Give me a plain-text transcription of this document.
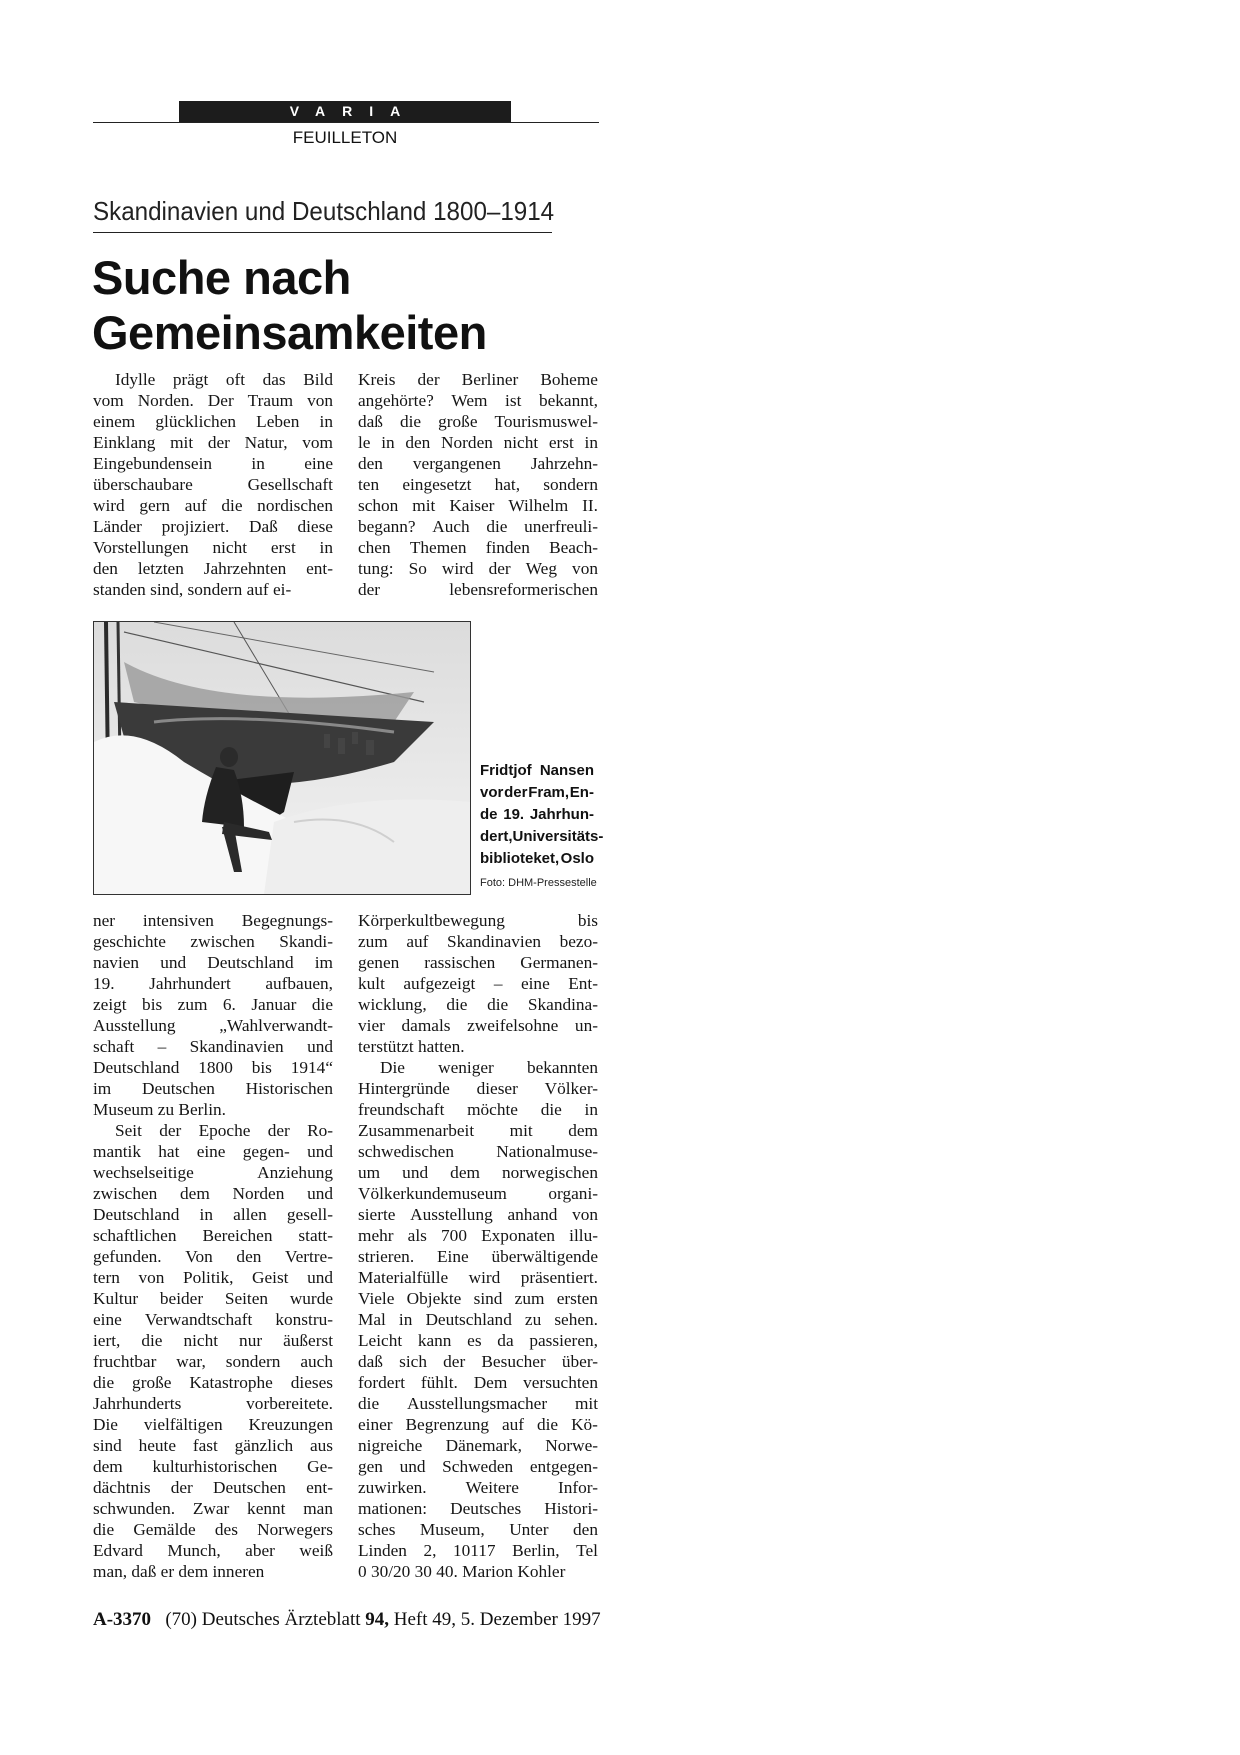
VARIA
FEUILLETON
Skandinavien und Deutschland 1800–1914
Suche nach
Gemeinsamkeiten
Idylle prägt oft das Bild
vom Norden. Der Traum von
einem glücklichen Leben in
Einklang mit der Natur, vom
Eingebundensein in eine
überschaubare	Gesellschaft
wird gern auf die nordischen
Länder projiziert. Daß diese
Vorstellungen nicht erst in
den letzten Jahrzehnten ent-
standen sind, sondern auf ei-
Kreis der Berliner Boheme
angehörte? Wem ist bekannt,
daß die große Tourismuswel-
le in den Norden nicht erst in
den vergangenen Jahrzehn-
ten eingesetzt hat, sondern
schon mit Kaiser Wilhelm II.
begann? Auch die unerfreuli-
chen Themen finden Beach-
tung: So wird der Weg von
der	lebensreformerischen
Fridtjof Nansen
vor der Fram, En-
de 19. Jahrhun-
dert, Universitäts-
biblioteket, Oslo
Foto: DHM-Pressestelle
ner intensiven Begegnungs-
geschichte zwischen Skandi-
navien und Deutschland im
19. Jahrhundert aufbauen,
zeigt bis zum 6. Januar die
Ausstellung	„Wahlverwandt-
schaft – Skandinavien und
Deutschland 1800 bis 1914“
im Deutschen Historischen
Museum zu Berlin.
Seit der Epoche der Ro-
mantik hat eine gegen- und
wechselseitige	Anziehung
zwischen dem Norden und
Deutschland in allen gesell-
schaftlichen Bereichen statt-
gefunden. Von den Vertre-
tern von Politik, Geist und
Kultur beider Seiten wurde
eine Verwandtschaft konstru-
iert, die nicht nur äußerst
fruchtbar war, sondern auch
die große Katastrophe dieses
Jahrhunderts	vorbereitete.
Die vielfältigen Kreuzungen
sind heute fast gänzlich aus
dem kulturhistorischen Ge-
dächtnis der Deutschen ent-
schwunden. Zwar kennt man
die Gemälde des Norwegers
Edvard Munch, aber weiß
man, daß er dem inneren
Körperkultbewegung	bis
zum auf Skandinavien bezo-
genen rassischen Germanen-
kult aufgezeigt – eine Ent-
wicklung, die die Skandina-
vier damals zweifelsohne un-
terstützt hatten.
Die weniger bekannten
Hintergründe dieser Völker-
freundschaft möchte die in
Zusammenarbeit mit dem
schwedischen Nationalmuse-
um und dem norwegischen
Völkerkundemuseum organi-
sierte Ausstellung anhand von
mehr als 700 Exponaten illu-
strieren. Eine überwältigende
Materialfülle wird präsentiert.
Viele Objekte sind zum ersten
Mal in Deutschland zu sehen.
Leicht kann es da passieren,
daß sich der Besucher über-
fordert fühlt. Dem versuchten
die Ausstellungsmacher mit
einer Begrenzung auf die Kö-
nigreiche Dänemark, Norwe-
gen und Schweden entgegen-
zuwirken. Weitere Infor-
mationen: Deutsches Histori-
sches Museum, Unter den
Linden 2, 10117 Berlin, Tel
0 30/20 30 40. Marion Kohler
A-3370 (70) Deutsches Ärzteblatt 94, Heft 49, 5. Dezember 1997
